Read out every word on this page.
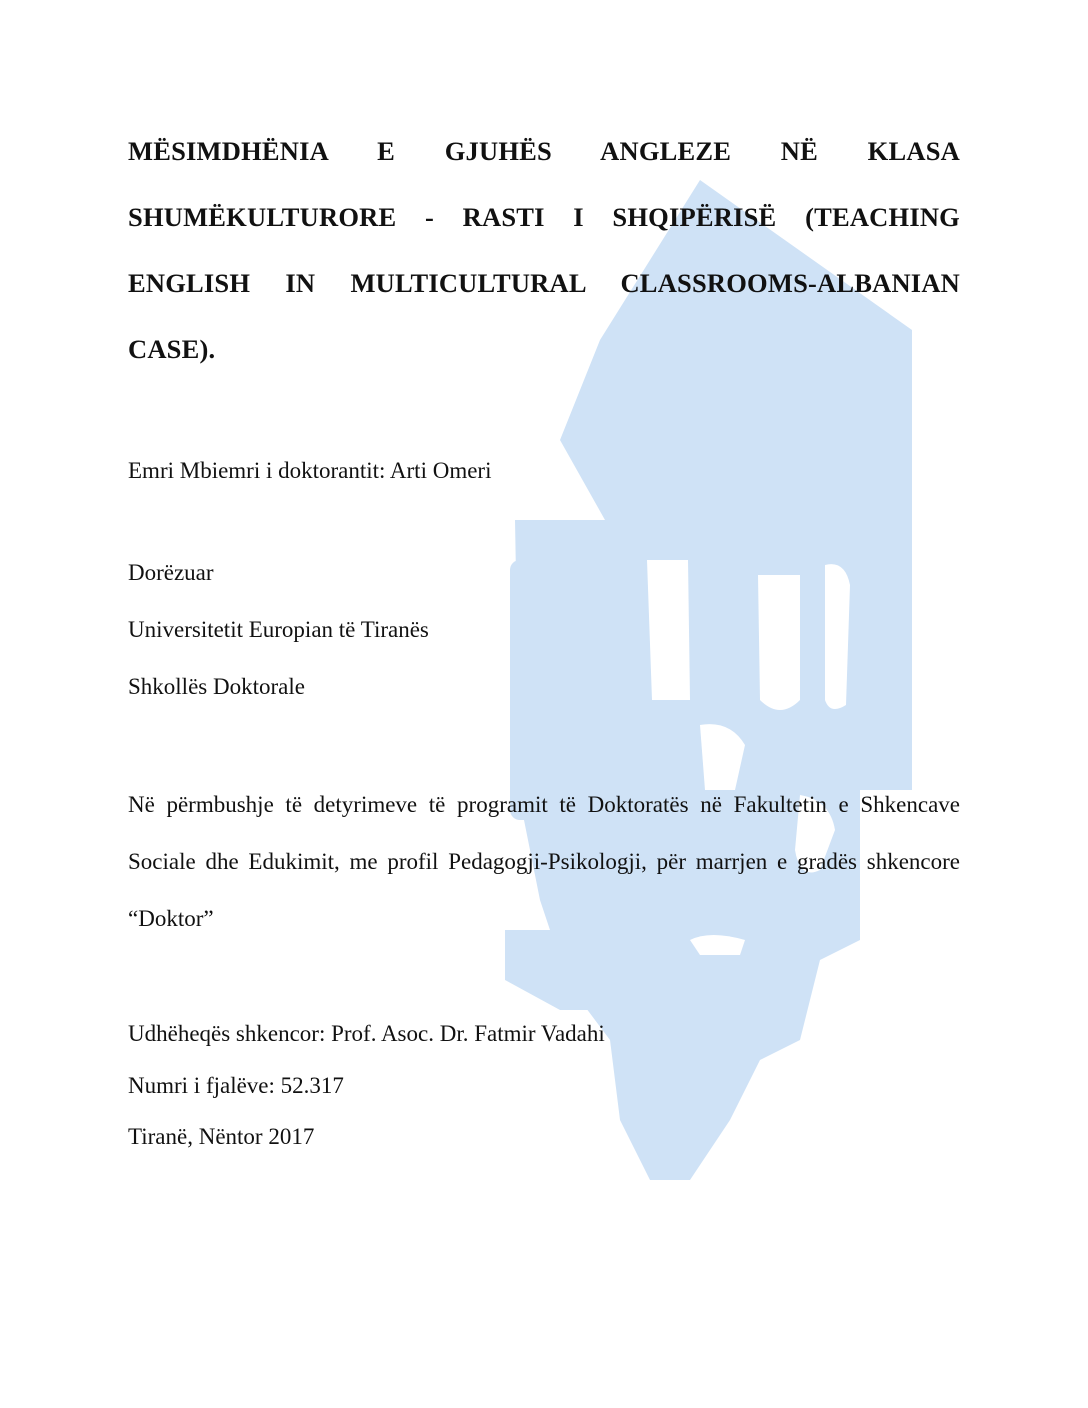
MËSIMDHËNIA E GJUHËS ANGLEZE NË KLASA SHUMËKULTURORE - RASTI I SHQIPËRISË (TEACHING ENGLISH IN MULTICULTURAL CLASSROOMS-ALBANIAN CASE).

Emri Mbiemri i doktorantit: Arti Omeri

Dorëzuar

Universitetit Europian të Tiranës

Shkollës Doktorale

Në përmbushje të detyrimeve të programit të Doktoratës në Fakultetin e Shkencave Sociale dhe Edukimit, me profil Pedagogji-Psikologji, për marrjen e gradës shkencore “Doktor”

Udhëheqës shkencor: Prof. Asoc. Dr. Fatmir Vadahi

Numri i fjalëve: 52.317

Tiranë, Nëntor 2017
